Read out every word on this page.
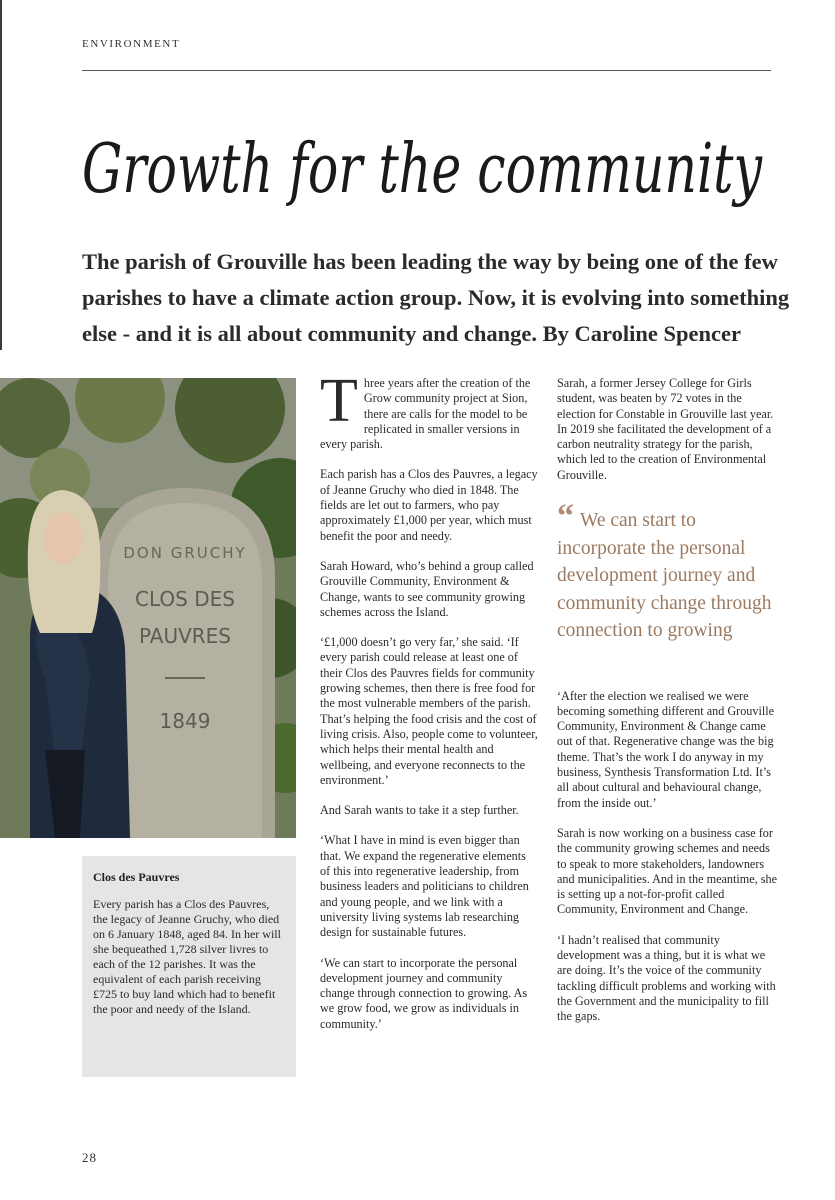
ENVIRONMENT
Growth for the community
The parish of Grouville has been leading the way by being one of the few parishes to have a climate action group. Now, it is evolving into something else - and it is all about community and change. By Caroline Spencer
DON GRUCHY
CLOS DES
PAUVRES
1849
Clos des Pauvres
Every parish has a Clos des Pauvres, the legacy of Jeanne Gruchy, who died on 6 January 1848, aged 84. In her will she bequeathed 1,728 silver livres to each of the 12 parishes. It was the equivalent of each parish receiving £725 to buy land which had to benefit the poor and needy of the Island.

Three years after the creation of the Grow community project at Sion, there are calls for the model to be replicated in smaller versions in every parish.

Each parish has a Clos des Pauvres, a legacy of Jeanne Gruchy who died in 1848. The fields are let out to farmers, who pay approximately £1,000 per year, which must benefit the poor and needy.

Sarah Howard, who’s behind a group called Grouville Community, Environment & Change, wants to see community growing schemes across the Island.

‘£1,000 doesn’t go very far,’ she said. ‘If every parish could release at least one of their Clos des Pauvres fields for community growing schemes, then there is free food for the most vulnerable members of the parish. That’s helping the food crisis and the cost of living crisis. Also, people come to volunteer, which helps their mental health and wellbeing, and everyone reconnects to the environment.’

And Sarah wants to take it a step further.

‘What I have in mind is even bigger than that. We expand the regenerative elements of this into regenerative leadership, from business leaders and politicians to children and young people, and we link with a university living systems lab researching design for sustainable futures.

‘We can start to incorporate the personal development journey and community change through connection to growing. As we grow food, we grow as individuals in community.’

Sarah, a former Jersey College for Girls student, was beaten by 72 votes in the election for Constable in Grouville last year. In 2019 she facilitated the development of a carbon neutrality strategy for the parish, which led to the creation of Environmental Grouville.

“ We can start to incorporate the personal development journey and community change through connection to growing

‘After the election we realised we were becoming something different and Grouville Community, Environment & Change came out of that. Regenerative change was the big theme. That’s the work I do anyway in my business, Synthesis Transformation Ltd. It’s all about cultural and behavioural change, from the inside out.’

Sarah is now working on a business case for the community growing schemes and needs to speak to more stakeholders, landowners and municipalities. And in the meantime, she is setting up a not-for-profit called Community, Environment and Change.

‘I hadn’t realised that community development was a thing, but it is what we are doing. It’s the voice of the community tackling difficult problems and working with the Government and the municipality to fill the gaps.

28
